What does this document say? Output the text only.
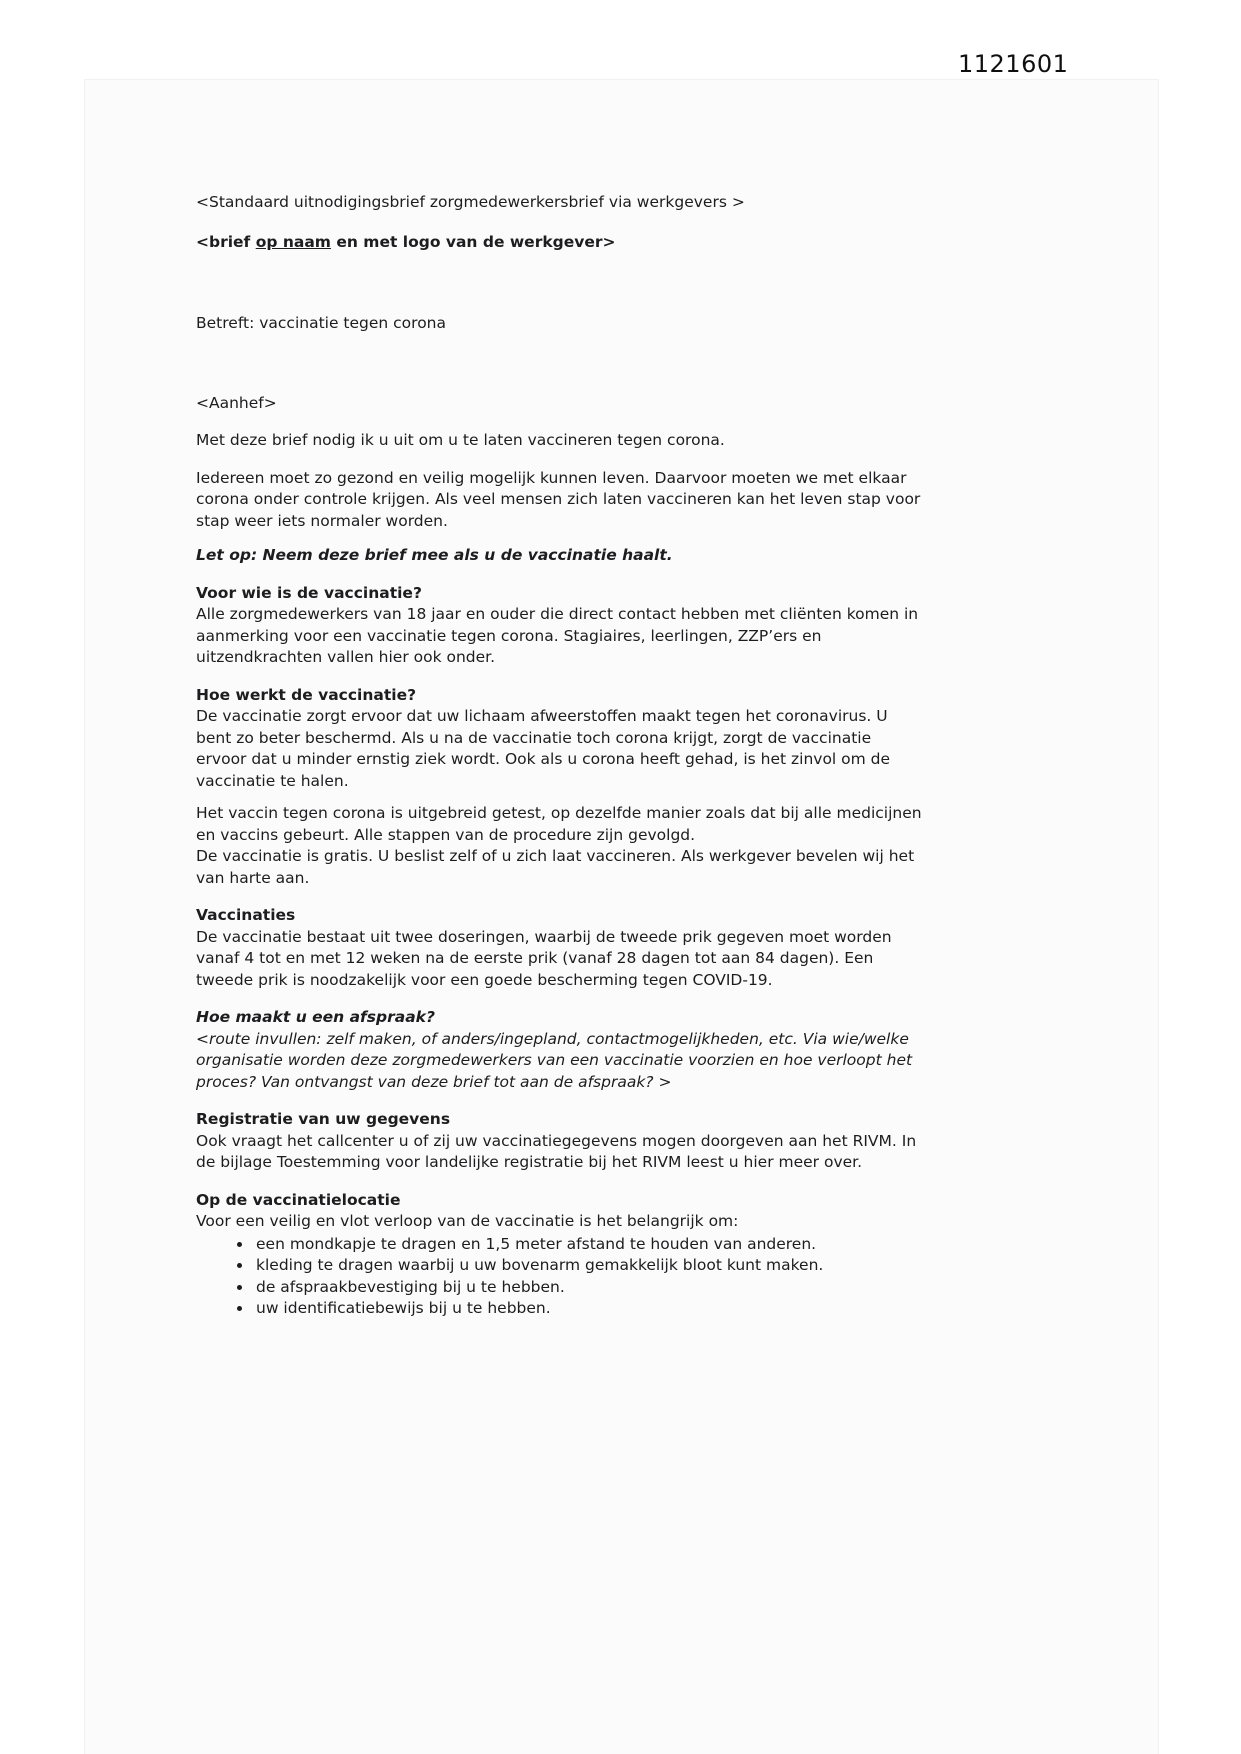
1121601
<Standaard uitnodigingsbrief zorgmedewerkersbrief via werkgevers >
<brief op naam en met logo van de werkgever>
Betreft: vaccinatie tegen corona
<Aanhef>
Met deze brief nodig ik u uit om u te laten vaccineren tegen corona.
Iedereen moet zo gezond en veilig mogelijk kunnen leven. Daarvoor moeten we met elkaar corona onder controle krijgen. Als veel mensen zich laten vaccineren kan het leven stap voor stap weer iets normaler worden.
Let op: Neem deze brief mee als u de vaccinatie haalt.
Voor wie is de vaccinatie?
Alle zorgmedewerkers van 18 jaar en ouder die direct contact hebben met cliënten komen in aanmerking voor een vaccinatie tegen corona. Stagiaires, leerlingen, ZZP’ers en uitzendkrachten vallen hier ook onder.
Hoe werkt de vaccinatie?
De vaccinatie zorgt ervoor dat uw lichaam afweerstoffen maakt tegen het coronavirus. U bent zo beter beschermd. Als u na de vaccinatie toch corona krijgt, zorgt de vaccinatie ervoor dat u minder ernstig ziek wordt. Ook als u corona heeft gehad, is het zinvol om de vaccinatie te halen.
Het vaccin tegen corona is uitgebreid getest, op dezelfde manier zoals dat bij alle medicijnen en vaccins gebeurt. Alle stappen van de procedure zijn gevolgd.
De vaccinatie is gratis. U beslist zelf of u zich laat vaccineren. Als werkgever bevelen wij het van harte aan.
Vaccinaties
De vaccinatie bestaat uit twee doseringen, waarbij de tweede prik gegeven moet worden vanaf 4 tot en met 12 weken na de eerste prik (vanaf 28 dagen tot aan 84 dagen). Een tweede prik is noodzakelijk voor een goede bescherming tegen COVID-19.
Hoe maakt u een afspraak?
<route invullen: zelf maken, of anders/ingepland, contactmogelijkheden, etc. Via wie/welke organisatie worden deze zorgmedewerkers van een vaccinatie voorzien en hoe verloopt het proces? Van ontvangst van deze brief tot aan de afspraak? >
Registratie van uw gegevens
Ook vraagt het callcenter u of zij uw vaccinatiegegevens mogen doorgeven aan het RIVM. In de bijlage Toestemming voor landelijke registratie bij het RIVM leest u hier meer over.
Op de vaccinatielocatie
Voor een veilig en vlot verloop van de vaccinatie is het belangrijk om:
• een mondkapje te dragen en 1,5 meter afstand te houden van anderen.
• kleding te dragen waarbij u uw bovenarm gemakkelijk bloot kunt maken.
• de afspraakbevestiging bij u te hebben.
• uw identificatiebewijs bij u te hebben.
